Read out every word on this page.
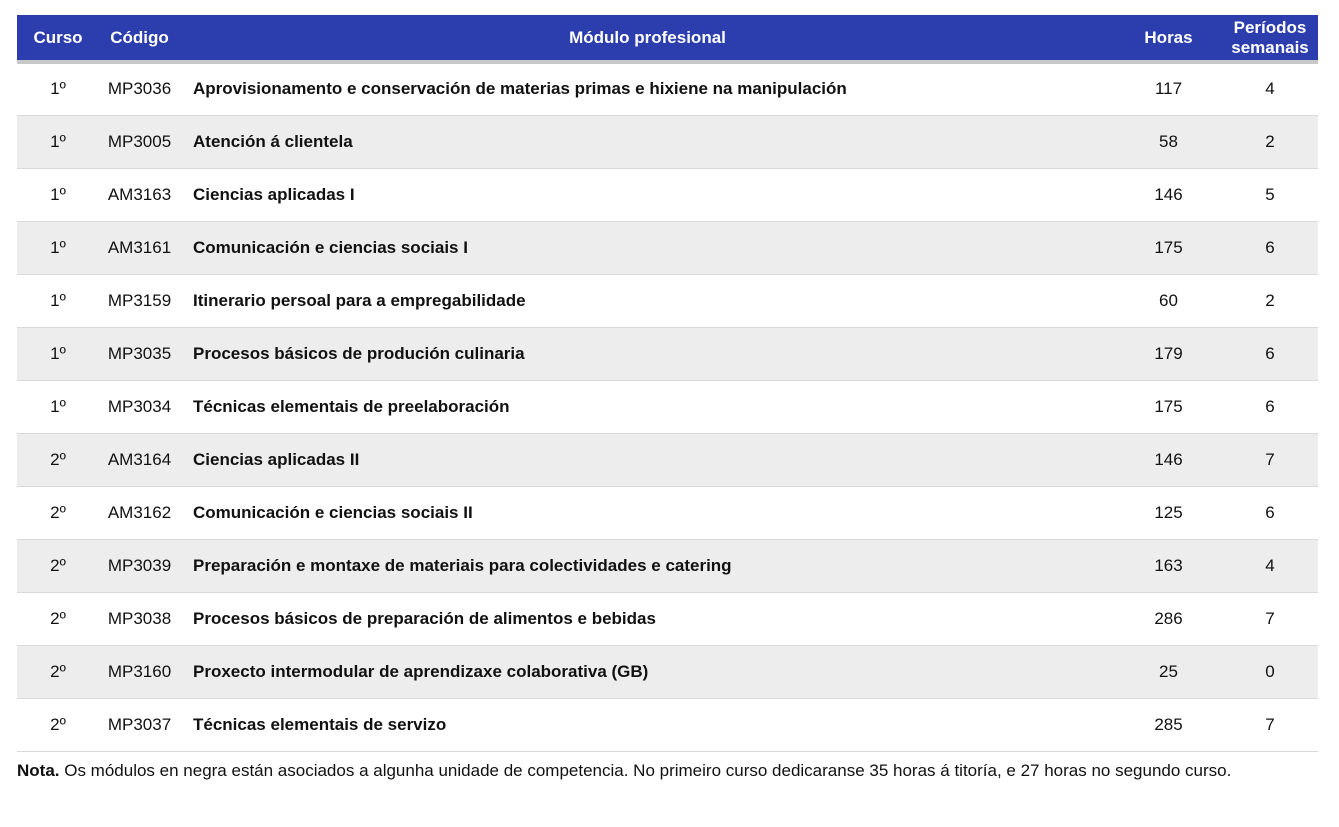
Curso	Código	Módulo profesional	Horas	Períodos semanais
1º	MP3036	Aprovisionamento e conservación de materias primas e hixiene na manipulación	117	4
1º	MP3005	Atención á clientela	58	2
1º	AM3163	Ciencias aplicadas I	146	5
1º	AM3161	Comunicación e ciencias sociais I	175	6
1º	MP3159	Itinerario persoal para a empregabilidade	60	2
1º	MP3035	Procesos básicos de produción culinaria	179	6
1º	MP3034	Técnicas elementais de preelaboración	175	6
2º	AM3164	Ciencias aplicadas II	146	7
2º	AM3162	Comunicación e ciencias sociais II	125	6
2º	MP3039	Preparación e montaxe de materiais para colectividades e catering	163	4
2º	MP3038	Procesos básicos de preparación de alimentos e bebidas	286	7
2º	MP3160	Proxecto intermodular de aprendizaxe colaborativa (GB)	25	0
2º	MP3037	Técnicas elementais de servizo	285	7

Nota. Os módulos en negra están asociados a algunha unidade de competencia. No primeiro curso dedicaranse 35 horas á titoría, e 27 horas no segundo curso.
